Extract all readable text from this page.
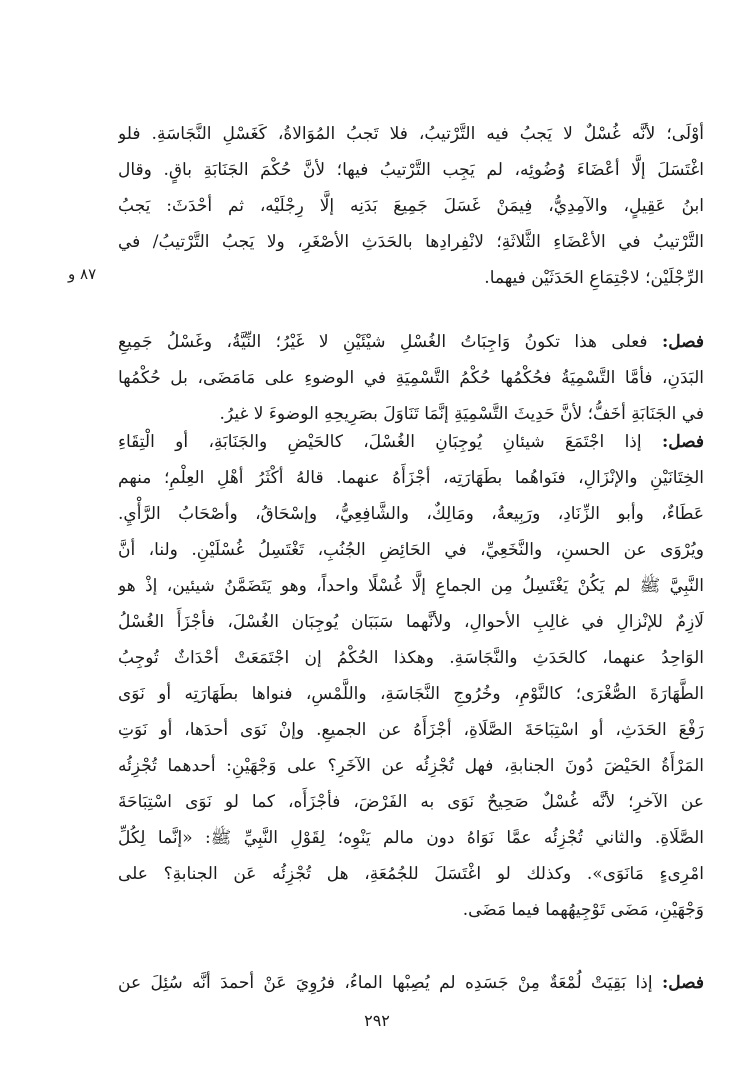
٨٧ و
أوْلَى؛ لأنَّه غُسْلٌ لا يَجبُ فيه التَّرْتيبُ، فلا تَجبُ المُوَالاةُ، كَغَسْلِ النَّجَاسَةِ. فلو
اغْتَسَلَ إلَّا أعْضَاءَ وُضُوئِه، لم يَجِب التَّرْتيبُ فيها؛ لأنَّ حُكْمَ الجَنَابَةِ باقٍ. وقال
ابنُ عَقِيلٍ، والآمِدِيُّ، فِيمَنْ غَسَلَ جَمِيعَ بَدَنِه إلَّا رِجْلَيْه، ثم أحْدَثَ: يَجبُ
التَّرْتيبُ في الأعْضَاءِ الثَّلاثَةِ؛ لانْفِرادِها بالحَدَثِ الأصْغَرِ، ولا يَجبُ التَّرْتيبُ/ في
الرِّجْلَيْن؛ لاجْتِمَاعِ الحَدَثَيْن فيهما.
فصل: فعلى هذا تكونُ وَاجِبَاتُ الغُسْلِ شيْئَيْنِ لا غَيْرُ؛ النِّيَّةُ، وغَسْلُ جَمِيعِ
البَدَنِ، فأمَّا التَّسْمِيَةُ فحُكْمُها حُكْمُ التَّسْمِيَةِ في الوضوءِ على مَامَضَى، بل حُكْمُها
في الجَنَابَةِ أخَفُّ؛ لأنَّ حَدِيثَ التَّسْمِيَةِ إنَّمَا تَنَاوَلَ بصَرِيحِهِ الوضوءَ لا غيرُ.
فصل: إذا اجْتَمَعَ شيئانِ يُوجِبَانِ الغُسْلَ، كالحَيْضِ والجَنَابَةِ، أو الْتِقَاءِ
الخِتَانَيْنِ والإنْزَالِ، فنَواهُما بطَهَارَتِه، أجْزَأَهُ عنهما. قالهُ أكْثَرُ أهْلِ العِلْمِ؛ منهم
عَطَاءٌ، وأبو الزِّنَادِ، ورَبِيعةُ، ومَالِكٌ، والشَّافِعِيُّ، وإسْحَاقُ، وأصْحَابُ الرَّأْيِ.
ويُرْوَى عن الحسنِ، والنَّخَعِيِّ، في الحَائِضِ الجُنُبِ، تَغْتَسِلُ غُسْلَيْنِ. ولنا، أنَّ
النَّبِيَّ ﷺ لم يَكُنْ يَغْتَسِلُ مِن الجماعِ إلَّا غُسْلًا واحداً، وهو يَتَضَمَّنُ شيئين، إذْ هو
لَازِمٌ للإنْزالِ في غالِبِ الأحوالِ، ولأنَّهما سَبَبَان يُوجِبَان الغُسْلَ، فأجْزَأَ الغُسْلُ
الوَاحِدُ عنهما، كالحَدَثِ والنَّجَاسَةِ. وهكذا الحُكْمُ إن اجْتَمَعَتْ أحْدَاثٌ تُوجِبُ
الطَّهَارَةَ الصُّغْرَى؛ كالنَّوْمِ، وخُرُوجِ النَّجَاسَةِ، واللَّمْسِ، فنواها بطَهَارَتِه أو نَوَى
رَفْعَ الحَدَثِ، أو اسْتِبَاحَةَ الصَّلَاةِ، أجْزَأَهُ عن الجميعِ. وإنْ نَوَى أحدَها، أو نَوَتِ
المَرْأَةُ الحَيْضَ دُونَ الجنابةِ، فهل تُجْزِئُه عن الآخَرِ؟ على وَجْهَيْنِ: أحدهما تُجْزِئُه
عن الآخرِ؛ لأنَّه غُسْلٌ صَحِيحٌ نَوَى به الفَرْضَ، فأجْزَأَه، كما لو نَوَى اسْتِبَاحَةَ
الصَّلَاةِ. والثاني تُجْزِئُه عمَّا نَوَاهُ دون مالم يَنْوِه؛ لِقَوْلِ النَّبِيِّ ﷺ: «إنَّما لِكُلِّ
امْرِىءٍ مَانَوَى». وكذلك لو اغْتَسَلَ للجُمُعَةِ، هل تُجْزِئُه عَن الجنابةِ؟ على
وَجْهَيْنِ، مَضَى تَوْجِيهُهما فيما مَضَى.
فصل: إذا بَقِيَتْ لُمْعَةٌ مِنْ جَسَدِه لم يُصِبْها الماءُ، فرُوِيَ عَنْ أحمدَ أنَّه سُئِلَ عن
٢٩٢
